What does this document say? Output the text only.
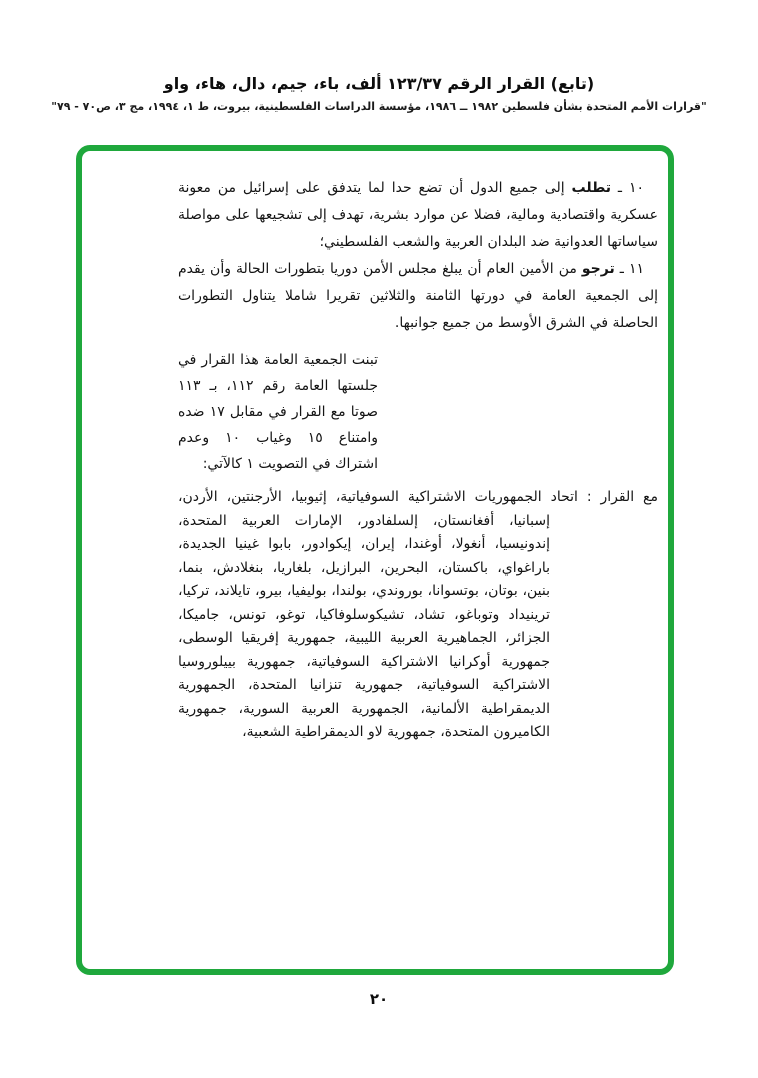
(تابع) القرار الرقم ١٢٣/٣٧ ألف، باء، جيم، دال، هاء، واو
"قرارات الأمم المتحدة بشأن فلسطين ١٩٨٢ ــ ١٩٨٦، مؤسسة الدراسات الفلسطينية، بيروت، ط ١، ١٩٩٤، مج ٣، ص٧٠ - ٧٩"

١٠ ـ تطلب إلى جميع الدول أن تضع حدا لما يتدفق على إسرائيل من معونة عسكرية واقتصادية ومالية، فضلا عن موارد بشرية، تهدف إلى تشجيعها على مواصلة سياساتها العدوانية ضد البلدان العربية والشعب الفلسطيني؛

١١ ـ ترجو من الأمين العام أن يبلغ مجلس الأمن دوريا بتطورات الحالة وأن يقدم إلى الجمعية العامة في دورتها الثامنة والثلاثين تقريرا شاملا يتناول التطورات الحاصلة في الشرق الأوسط من جميع جوانبها.

تبنت الجمعية العامة هذا القرار في جلستها العامة رقم ١١٢، بـ ١١٣ صوتا مع القرار في مقابل ١٧ ضده وامتناع ١٥ وغياب ١٠ وعدم اشتراك في التصويت ١ كالآتي:

مع القرار : اتحاد الجمهوريات الاشتراكية السوفياتية، إثيوبيا، الأرجنتين، الأردن، إسبانيا، أفغانستان، إلسلفادور، الإمارات العربية المتحدة، إندونيسيا، أنغولا، أوغندا، إيران، إيكوادور، بابوا غينيا الجديدة، باراغواي، باكستان، البحرين، البرازيل، بلغاريا، بنغلادش، بنما، بنين، بوتان، بوتسوانا، بوروندي، بولندا، بوليفيا، بيرو، تايلاند، تركيا، ترينيداد وتوباغو، تشاد، تشيكوسلوفاكيا، توغو، تونس، جاميكا، الجزائر، الجماهيرية العربية الليبية، جمهورية إفريقيا الوسطى، جمهورية أوكرانيا الاشتراكية السوفياتية، جمهورية بييلوروسيا الاشتراكية السوفياتية، جمهورية تنزانيا المتحدة، الجمهورية الديمقراطية الألمانية، الجمهورية العربية السورية، جمهورية الكاميرون المتحدة، جمهورية لاو الديمقراطية الشعبية،

٢٠
